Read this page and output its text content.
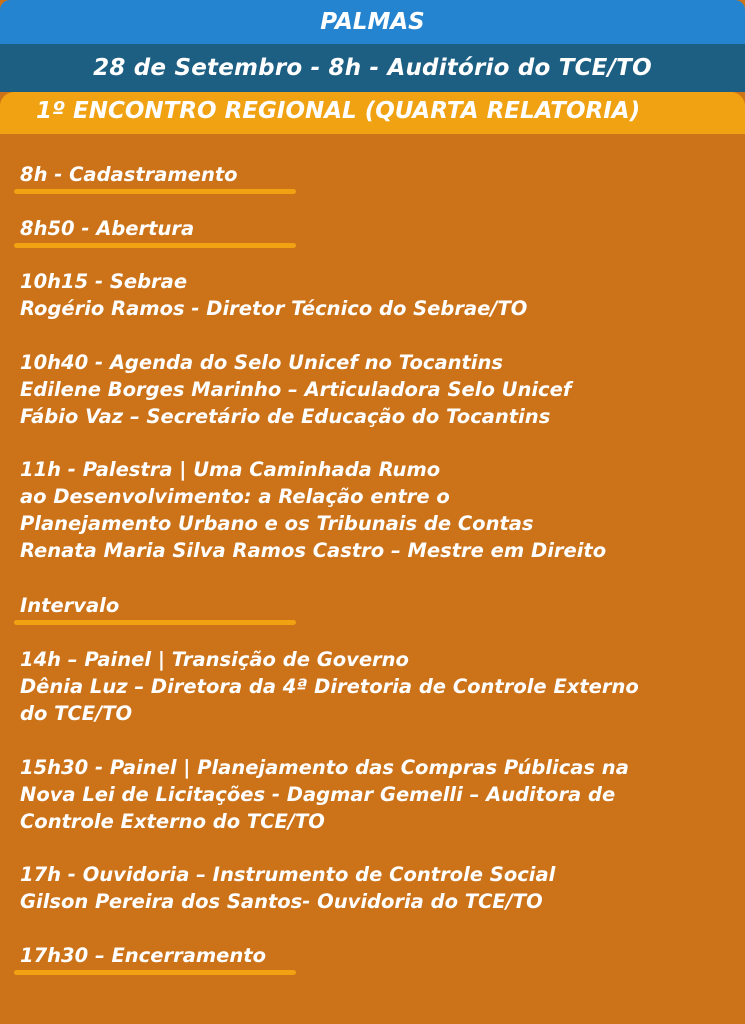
PALMAS
28 de Setembro - 8h - Auditório do TCE/TO
1º ENCONTRO REGIONAL (QUARTA RELATORIA)
8h - Cadastramento
8h50 - Abertura
10h15 - Sebrae
Rogério Ramos - Diretor Técnico do Sebrae/TO
10h40 - Agenda do Selo Unicef no Tocantins
Edilene Borges Marinho – Articuladora Selo Unicef
Fábio Vaz – Secretário de Educação do Tocantins
11h - Palestra | Uma Caminhada Rumo
ao Desenvolvimento: a Relação entre o
Planejamento Urbano e os Tribunais de Contas
Renata Maria Silva Ramos Castro – Mestre em Direito
Intervalo
14h – Painel | Transição de Governo
Dênia Luz – Diretora da 4ª Diretoria de Controle Externo
do TCE/TO
15h30 - Painel | Planejamento das Compras Públicas na
Nova Lei de Licitações - Dagmar Gemelli – Auditora de
Controle Externo do TCE/TO
17h - Ouvidoria – Instrumento de Controle Social
Gilson Pereira dos Santos- Ouvidoria do TCE/TO
17h30 – Encerramento
